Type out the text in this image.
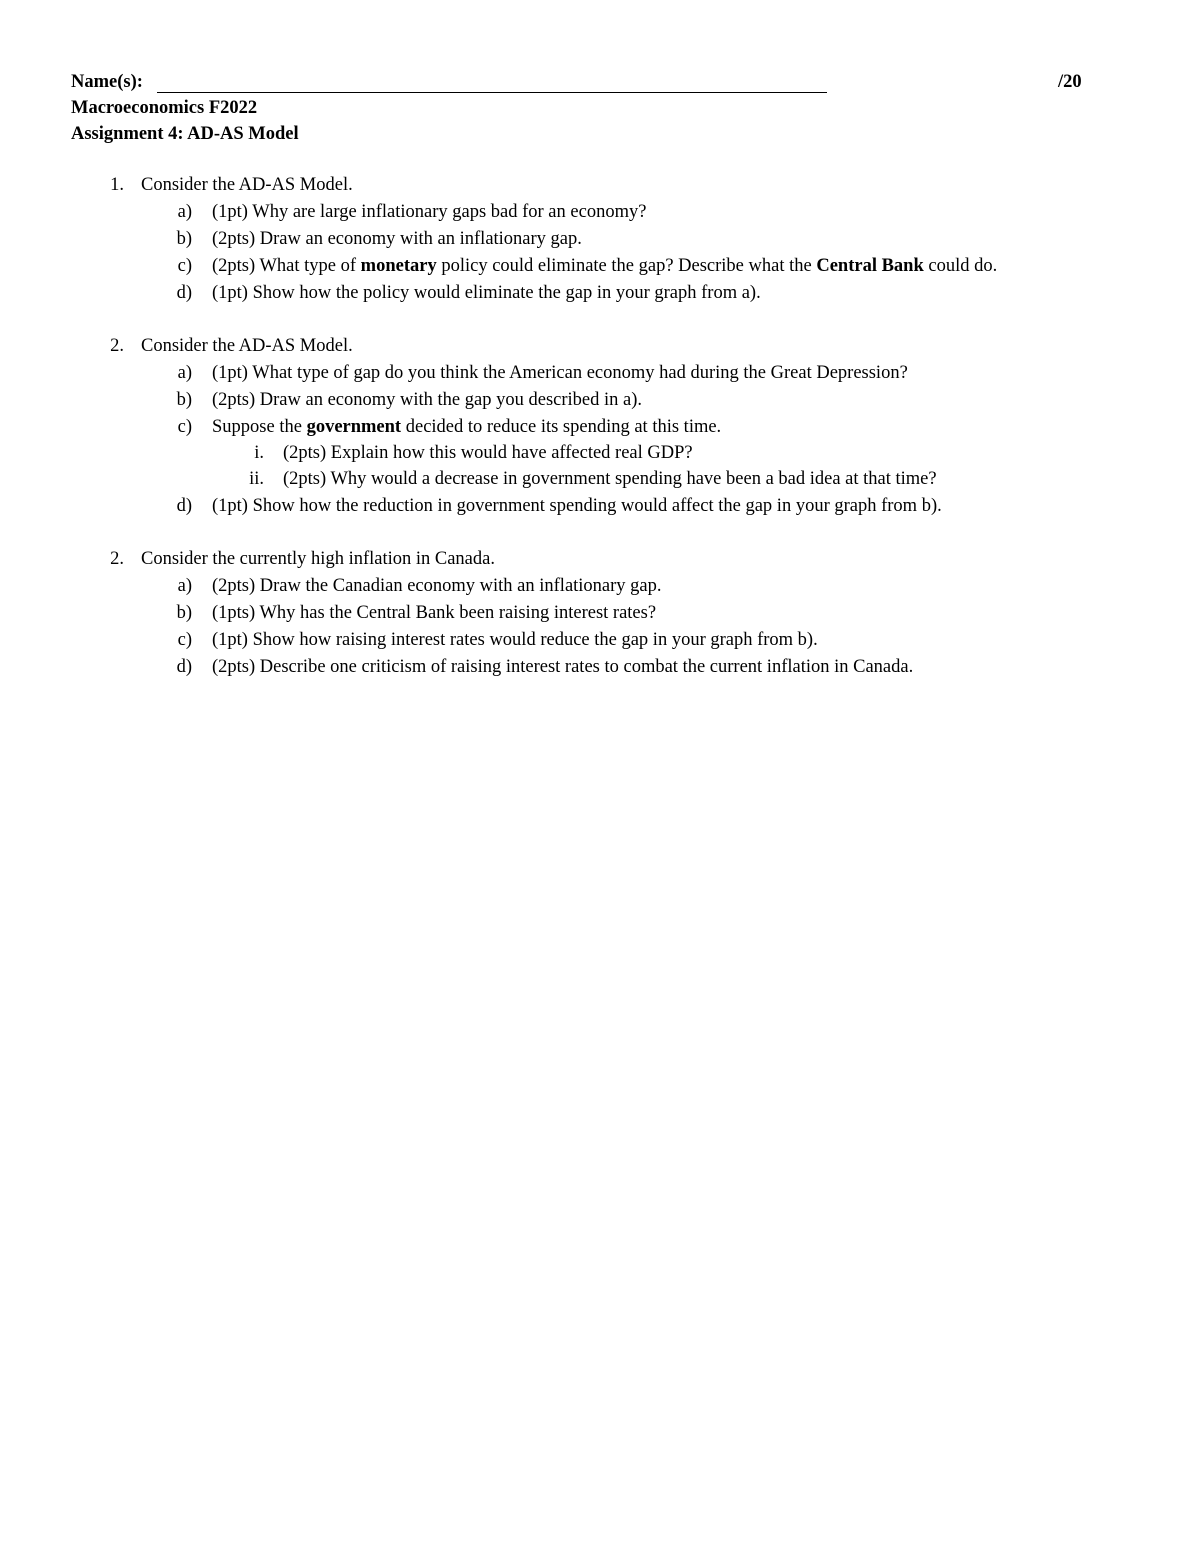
Name(s):	/20
Macroeconomics F2022
Assignment 4: AD-AS Model
1. Consider the AD-AS Model.
a) (1pt) Why are large inflationary gaps bad for an economy?
b) (2pts) Draw an economy with an inflationary gap.
c) (2pts) What type of monetary policy could eliminate the gap? Describe what the Central Bank could do.
d) (1pt) Show how the policy would eliminate the gap in your graph from a).
2. Consider the AD-AS Model.
a) (1pt) What type of gap do you think the American economy had during the Great Depression?
b) (2pts) Draw an economy with the gap you described in a).
c) Suppose the government decided to reduce its spending at this time.
i. (2pts) Explain how this would have affected real GDP?
ii. (2pts) Why would a decrease in government spending have been a bad idea at that time?
d) (1pt) Show how the reduction in government spending would affect the gap in your graph from b).
2. Consider the currently high inflation in Canada.
a) (2pts) Draw the Canadian economy with an inflationary gap.
b) (1pts) Why has the Central Bank been raising interest rates?
c) (1pt) Show how raising interest rates would reduce the gap in your graph from b).
d) (2pts) Describe one criticism of raising interest rates to combat the current inflation in Canada.
